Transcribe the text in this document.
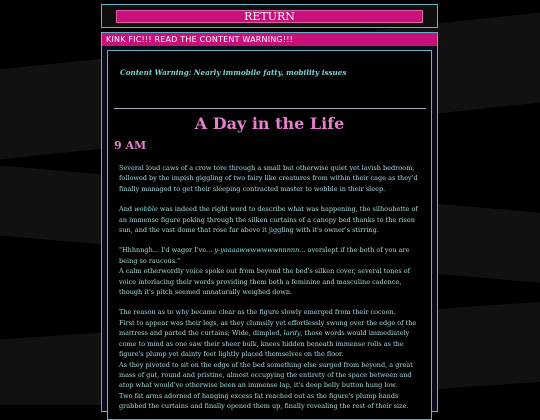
RETURN
KINK FIC!!! READ THE CONTENT WARNING!!!
Content Warning: Nearly immobile fatty, mobility issues
A Day in the Life
9 AM

Several loud caws of a crow tore through a small but otherwise quiet yet lavish bedroom, followed by the impish giggling of two fairy like creatures from within their cage as they'd finally managed to get their sleeping contracted master to wobble in their sleep.

And wobble was indeed the right word to describe what was happening, the silhouhette of an immense figure poking through the silken curtains of a canopy bed thanks to the risen sun, and the vast dome that rose far above it jiggling with it's owner's stirring.

"Hhhnngh... I'd wager I've... y-yaaaawwwwwwwnnnnn... overslept if the both of you are being so raucous."
A calm otherwordly voice spoke out from beyond the bed's silken cover, several tones of voice interlacing their words providing them both a feminine and masculine cadence, though it's pitch seemed unnaturally weighed down.

The reason as to why became clear as the figure slowly emerged from their cocoon.
First to appear was their legs, as they clumsily yet effortlessly swung over the edge of the mattress and parted the curtains; Wide, dimpled, lardy, those words would immediately come to mind as one saw their sheer bulk, knees hidden beneath immense rolls as the figure's plump yet dainty feet lightly placed themselves on the floor.
As they pivoted to sit on the edge of the bed something else surged from beyond, a great mass of gut, round and pristine, almost occupying the entirety of the space between and atop what would've otherwise been an immense lap, it's deep belly button hung low.
Two fat arms adorned of hanging excess fat reached out as the figure's plump hands grabbed the curtains and finally opened them up, finally revealing the rest of their size.
